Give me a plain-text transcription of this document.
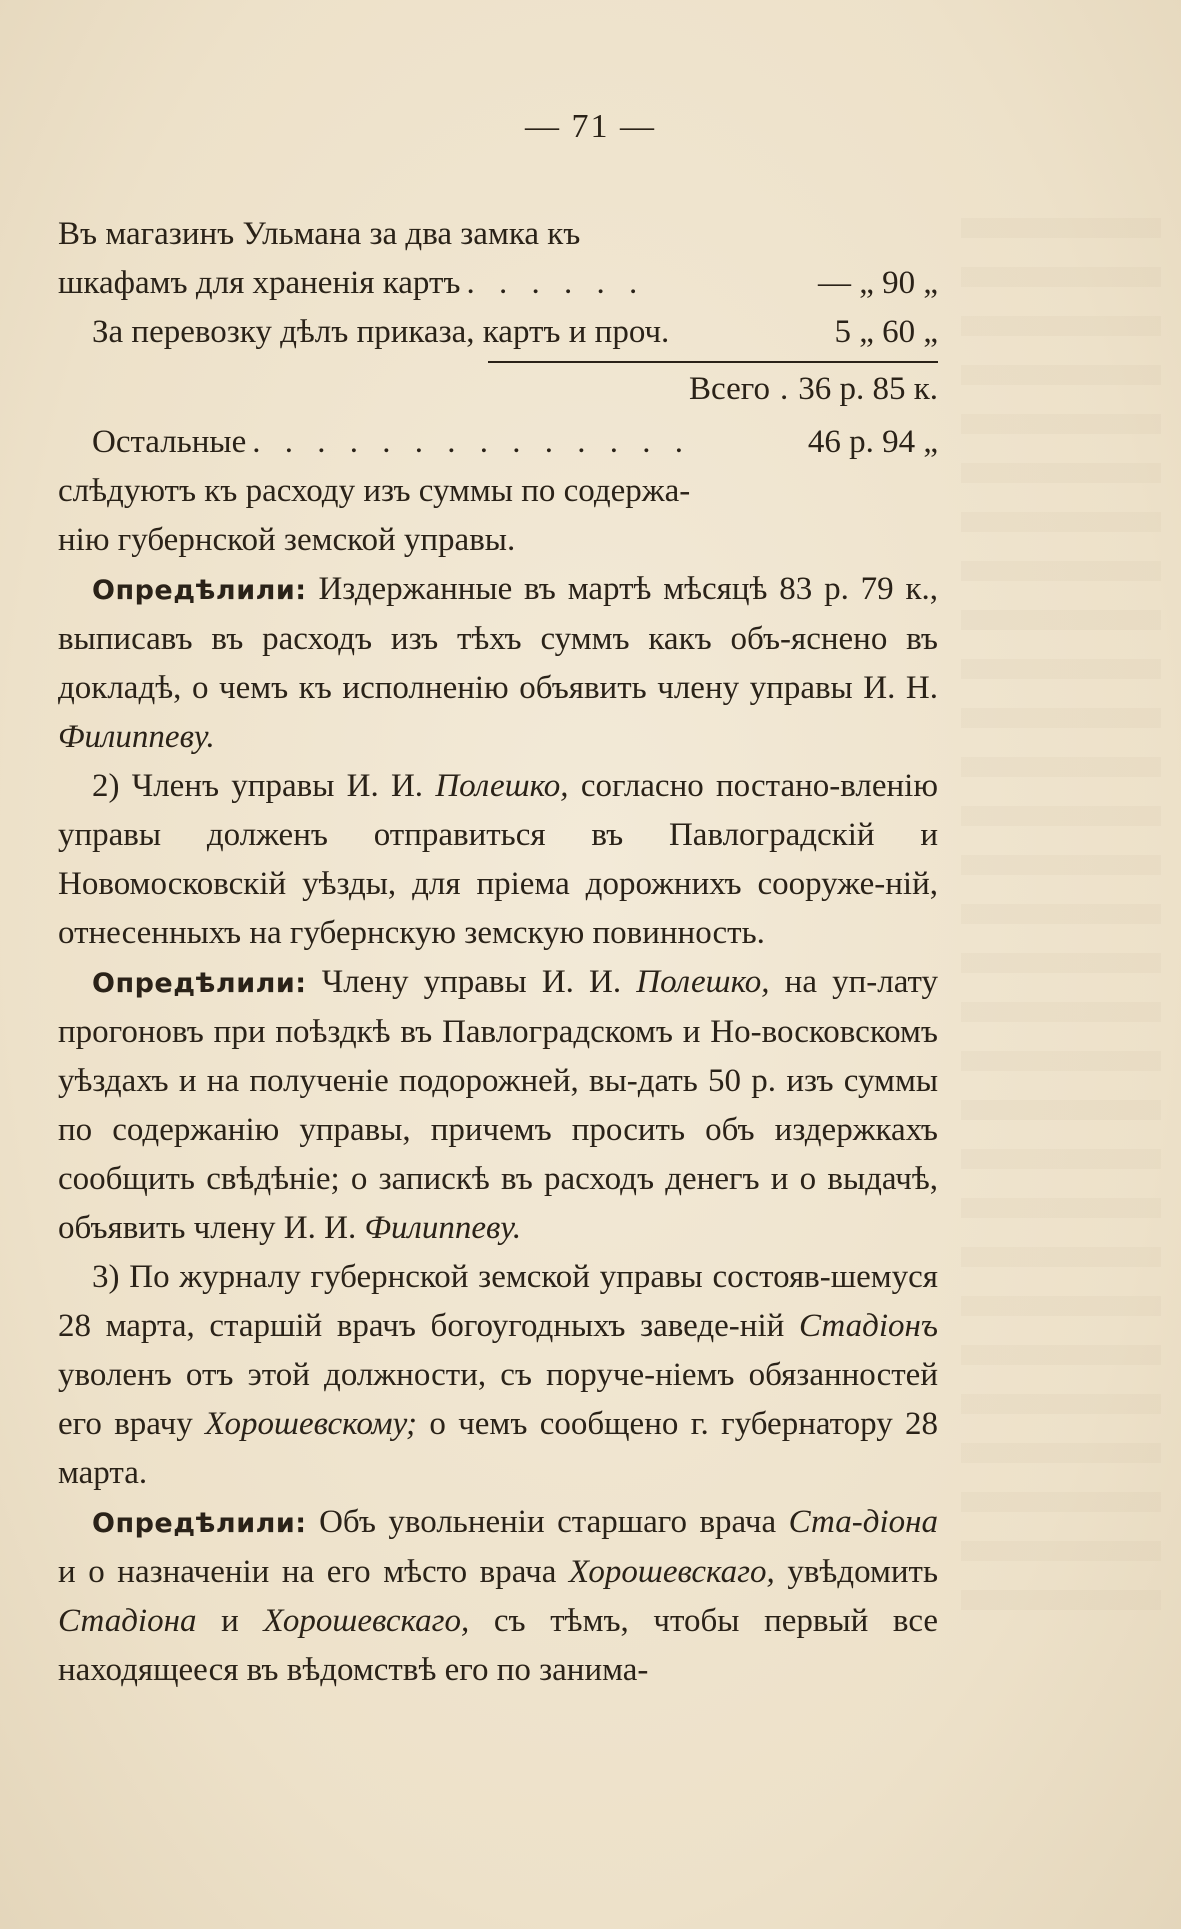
— 71 —
Въ магазинъ Ульмана за два замка къ
шкафамъ для храненія картъ . . . . . .	— „ 90 „
За перевозку дѣлъ приказа, картъ и проч.	5 „ 60 „
Всего . 36 р. 85 к.
Остальные . . . . . . . . . . . . . .	46 р. 94 „
слѣдуютъ къ расходу изъ суммы по содержа-
нію губернской земской управы.
Опредѣлили: Издержанные въ мартѣ мѣсяцѣ 83 р. 79 к., выписавъ въ расходъ изъ тѣхъ суммъ какъ объ-яснено въ докладѣ, о чемъ къ исполненію объявить члену управы И. Н. Филиппеву.
2) Членъ управы И. И. Полешко, согласно постано-вленію управы долженъ отправиться въ Павлоградскій и Новомосковскій уѣзды, для пріема дорожнихъ сооруже-ній, отнесенныхъ на губернскую земскую повинность.
Опредѣлили: Члену управы И. И. Полешко, на уп-лату прогоновъ при поѣздкѣ въ Павлоградскомъ и Но-восковскомъ уѣздахъ и на полученіе подорожней, вы-дать 50 р. изъ суммы по содержанію управы, причемъ просить объ издержкахъ сообщить свѣдѣніе; о запискѣ въ расходъ денегъ и о выдачѣ, объявить члену И. И. Филиппеву.
3) По журналу губернской земской управы состояв-шемуся 28 марта, старшій врачъ богоугодныхъ заведе-ній Стадіонъ уволенъ отъ этой должности, съ поруче-ніемъ обязанностей его врачу Хорошевскому; о чемъ сообщено г. губернатору 28 марта.
Опредѣлили: Объ увольненіи старшаго врача Ста-діона и о назначеніи на его мѣсто врача Хорошевскаго, увѣдомить Стадіона и Хорошевскаго, съ тѣмъ, чтобы первый все находящееся въ вѣдомствѣ его по занима-
